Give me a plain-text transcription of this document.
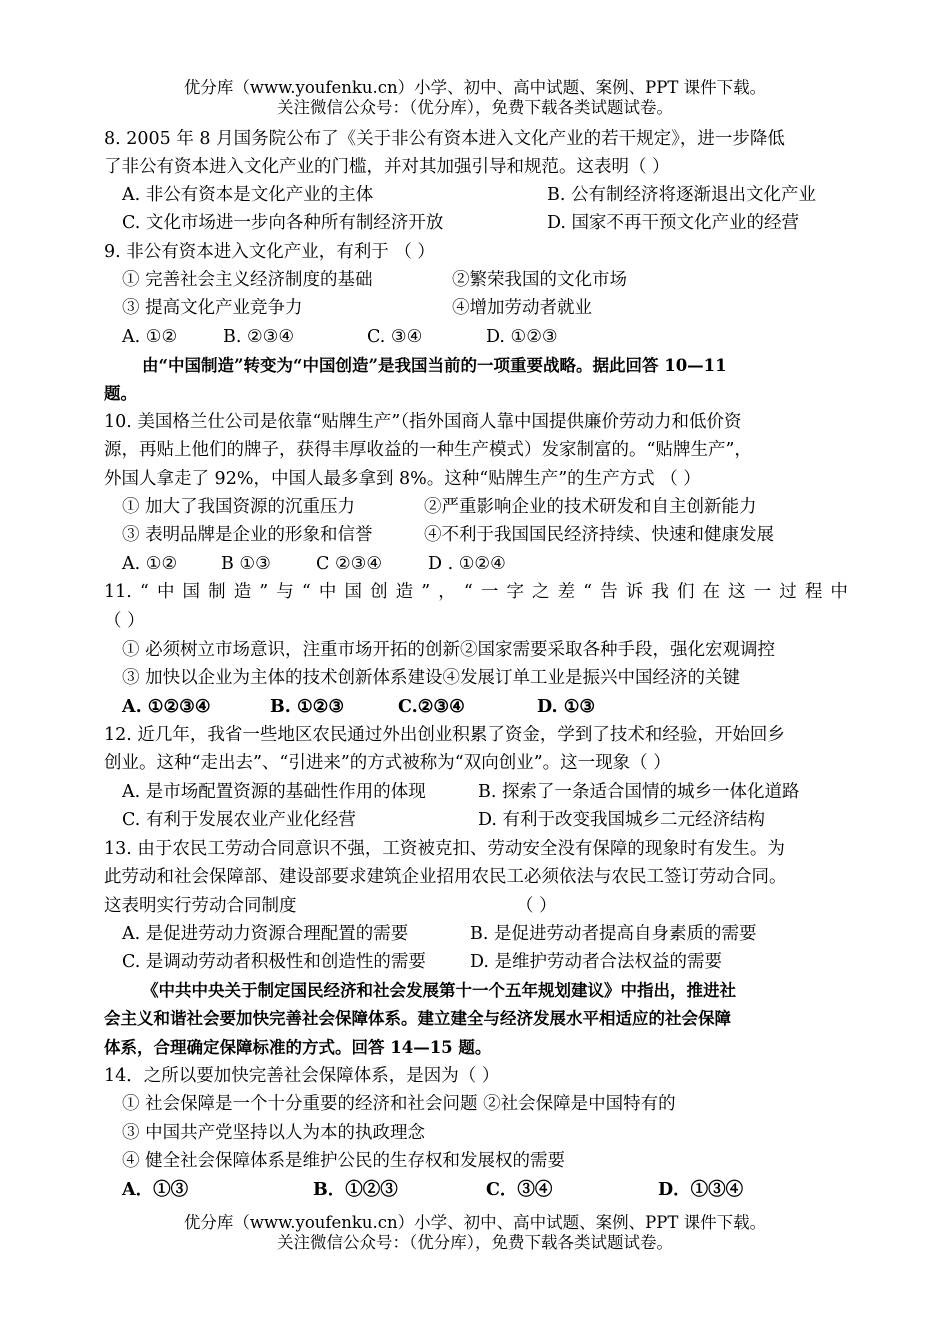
优分库（www.youfenku.cn）小学、初中、高中试题、案例、PPT 课件下载。
关注微信公众号：（优分库），免费下载各类试题试卷。
8. 2005 年 8 月国务院公布了《关于非公有资本进入文化产业的若干规定》，进一步降低
了非公有资本进入文化产业的门槛，并对其加强引导和规范。这表明（ ）
A. 非公有资本是文化产业的主体	B. 公有制经济将逐渐退出文化产业
C. 文化市场进一步向各种所有制经济开放	D. 国家不再干预文化产业的经营
9. 非公有资本进入文化产业，有利于 （ ）
① 完善社会主义经济制度的基础	②繁荣我国的文化市场
③ 提高文化产业竞争力	④增加劳动者就业
A. ①②	B. ②③④	C. ③④	D. ①②③
由“中国制造”转变为“中国创造”是我国当前的一项重要战略。据此回答 10—11
题。
10. 美国格兰仕公司是依靠“贴牌生产”（指外国商人靠中国提供廉价劳动力和低价资
源，再贴上他们的牌子，获得丰厚收益的一种生产模式）发家制富的。“贴牌生产”，
外国人拿走了 92%，中国人最多拿到 8%。这种“贴牌生产”的生产方式 （ ）
① 加大了我国资源的沉重压力	②严重影响企业的技术研发和自主创新能力
③ 表明品牌是企业的形象和信誉	④不利于我国国民经济持续、快速和健康发展
A. ①②	B ①③	C ②③④	D . ①②④
11. “ 中 国 制 造 ” 与 “ 中 国 创 造 ” ， “ 一 字 之 差 “ 告 诉 我 们 在 这 一 过 程 中
（ ）
① 必须树立市场意识，注重市场开拓的创新②国家需要采取各种手段，强化宏观调控
③ 加快以企业为主体的技术创新体系建设④发展订单工业是振兴中国经济的关键
A. ①②③④	B. ①②③	C.②③④	D. ①③
12. 近几年，我省一些地区农民通过外出创业积累了资金，学到了技术和经验，开始回乡
创业。这种“走出去”、“引进来”的方式被称为“双向创业”。这一现象（ ）
A. 是市场配置资源的基础性作用的体现	B. 探索了一条适合国情的城乡一体化道路
C. 有利于发展农业产业化经营	D. 有利于改变我国城乡二元经济结构
13. 由于农民工劳动合同意识不强，工资被克扣、劳动安全没有保障的现象时有发生。为
此劳动和社会保障部、建设部要求建筑企业招用农民工必须依法与农民工签订劳动合同。
这表明实行劳动合同制度	（ ）
A. 是促进劳动力资源合理配置的需要	B. 是促进劳动者提高自身素质的需要
C. 是调动劳动者积极性和创造性的需要	D. 是维护劳动者合法权益的需要
《中共中央关于制定国民经济和社会发展第十一个五年规划建议》中指出，推进社
会主义和谐社会要加快完善社会保障体系。建立建全与经济发展水平相适应的社会保障
体系，合理确定保障标准的方式。回答 14—15 题。
14．之所以要加快完善社会保障体系，是因为（ ）
① 社会保障是一个十分重要的经济和社会问题 ②社会保障是中国特有的
③ 中国共产党坚持以人为本的执政理念
④ 健全社会保障体系是维护公民的生存权和发展权的需要
A．①③	B．①②③	C．③④	D．①③④
优分库（www.youfenku.cn）小学、初中、高中试题、案例、PPT 课件下载。
关注微信公众号：（优分库），免费下载各类试题试卷。
